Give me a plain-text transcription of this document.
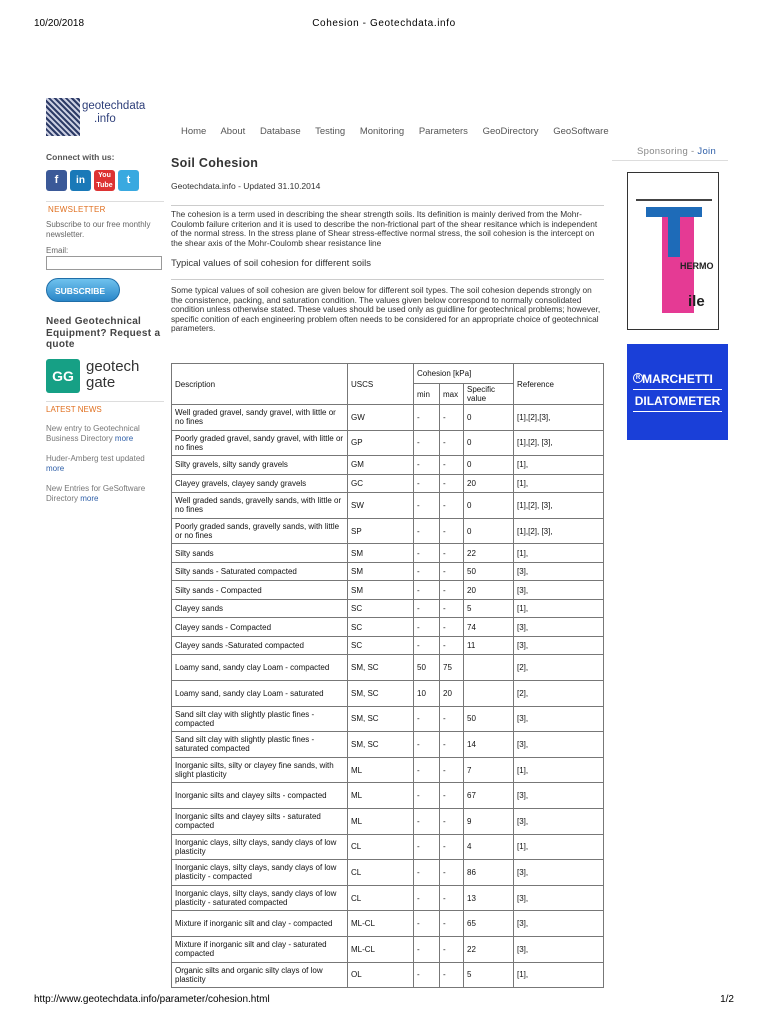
10/20/2018	Cohesion - Geotechdata.info
geotechdata
.info
Home About Database Testing Monitoring Parameters GeoDirectory GeoSoftware
Connect with us:
f	in	You Tube	t
NEWSLETTER
Subscribe to our free monthly newsletter.
Email:
SUBSCRIBE
Need Geotechnical Equipment? Request a quote
GG
geotech
gate
LATEST NEWS
New entry to Geotechnical Business Directory more
Huder-Amberg test updated more
New Entries for GeSoftware Directory more
Soil Cohesion
Geotechdata.info - Updated 31.10.2014
The cohesion is a term used in describing the shear strength soils. Its definition is mainly derived from the Mohr-Coulomb failure criterion and it is used to describe the non-frictional part of the shear resitance which is independent of the normal stress. In the stress plane of Shear stress-effective normal stress, the soil cohesion is the intercept on the shear axis of the Mohr-Coulomb shear resistance line
Typical values of soil cohesion for different soils
Some typical values of soil cohesion are given below for different soil types. The soil cohesion depends strongly on the consistence, packing, and saturation condition. The values given below correspond to normally consolidated condition unless otherwise stated. These values should be used only as guidline for geotechnical problems; however, specific conition of each engineering problem often needs to be considered for an appropriate choice of geotechnical parameters.
Description	USCS	Cohesion [kPa]			Reference
		min	max	Specific value	
Well graded gravel, sandy gravel, with little or no fines	GW	-	-	0	[1],[2],[3],
Poorly graded gravel, sandy gravel, with little or no fines	GP	-	-	0	[1],[2], [3],
Silty gravels, silty sandy gravels	GM	-	-	0	[1],
Clayey gravels, clayey sandy gravels	GC	-	-	20	[1],
Well graded sands, gravelly sands, with little or no fines	SW	-	-	0	[1],[2], [3],
Poorly graded sands, gravelly sands, with little or no fines	SP	-	-	0	[1],[2], [3],
Silty sands	SM	-	-	22	[1],
Silty sands - Saturated compacted	SM	-	-	50	[3],
Silty sands - Compacted	SM	-	-	20	[3],
Clayey sands	SC	-	-	5	[1],
Clayey sands - Compacted	SC	-	-	74	[3],
Clayey sands -Saturated compacted	SC	-	-	11	[3],
Loamy sand, sandy clay Loam - compacted	SM, SC	50	75		[2],
Loamy sand, sandy clay Loam - saturated	SM, SC	10	20		[2],
Sand silt clay with slightly plastic fines - compacted	SM, SC	-	-	50	[3],
Sand silt clay with slightly plastic fines - saturated compacted	SM, SC	-	-	14	[3],
Inorganic silts, silty or clayey fine sands, with slight plasticity	ML	-	-	7	[1],
Inorganic silts and clayey silts - compacted	ML	-	-	67	[3],
Inorganic silts and clayey silts - saturated compacted	ML	-	-	9	[3],
Inorganic clays, silty clays, sandy clays of low plasticity	CL	-	-	4	[1],
Inorganic clays, silty clays, sandy clays of low plasticity - compacted	CL	-	-	86	[3],
Inorganic clays, silty clays, sandy clays of low plasticity - saturated compacted	CL	-	-	13	[3],
Mixture if inorganic silt and clay - compacted	ML-CL	-	-	65	[3],
Mixture if inorganic silt and clay - saturated compacted	ML-CL	-	-	22	[3],
Organic silts and organic silty clays of low plasticity	OL	-	-	5	[1],
Sponsoring - Join
HERMO
ile
R MARCHETTI
DILATOMETER
http://www.geotechdata.info/parameter/cohesion.html	1/2
